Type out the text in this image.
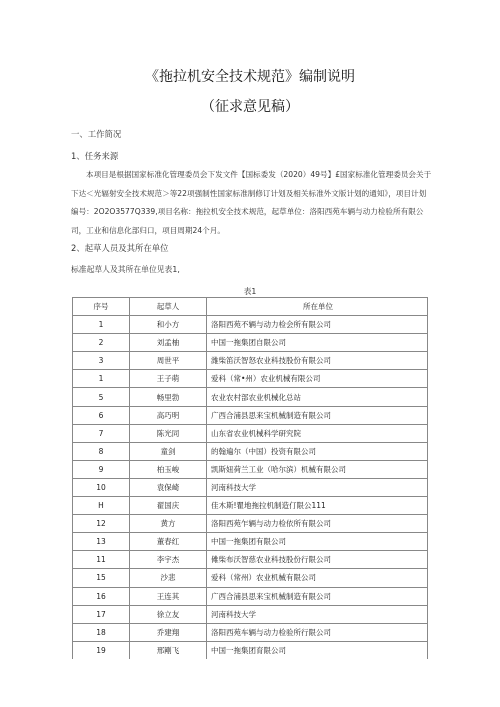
《拖拉机安全技术规范》编制说明
（征求意见稿）
一、工作简况
1、任务来源
本项目是根据国家标准化管理委员会下发文件【国标委发（2020）49号】£国家标准化管理委员会关于
下达＜光辐射安全技术规范＞等22项强制性国家标准制修订计划及相关标准外文版计划的通知》，项目计划
编号：2O2O3577Q339,项目名称：拖拉机安全技术规范，起草单位：洛阳西苑车辆与动力检验所有限公
司，工业和信息化部归口，项目周期24个月。
2、起草人员及其所在单位
标准起草人及其所在单位见表1,
表1
序号	起草人	所在单位
1	和小方	洛阳西苑不辆与动力检会所有限公司
2	刘孟柚	中国一拖集团自限公司
3	周世平	潍柴笛沃智怒农业科技股份有限公司
1	王子萌	爱科（常•州）农业机械有限公司
5	畅里勃	农业农村部农业机械化总站
6	高巧明	广西合浦县思来宝机械制造有限公司
7	陈光同	山东省农业机械科学研究院
8	童剑	的翰遍尔（中国）投资有限公司
9	柏玉峻	凯斯妞荷兰工业（哈尔滨）机械有限公司
10	袁保崎	河南科技大学
H	翟国庆	佳木斯!瞿地拖拉机制造仃限公111
12	黄方	洛阳西苑乍辆与动力检依所有限公司
13	董春红	中国一拖集团有限公司
11	李宇杰	傩柴布沃智慈农业科技股份行限公司
15	沙悲	爱科（常州）农业机械有限公司
16	王连其	广西合浦县思来宝机械制造有限公司
17	徐立友	河南科技大学
18	乔建翔	洛阳西苑车辆与动力检验所行限公司
19	邢剛飞	中国一拖集团育限公司
